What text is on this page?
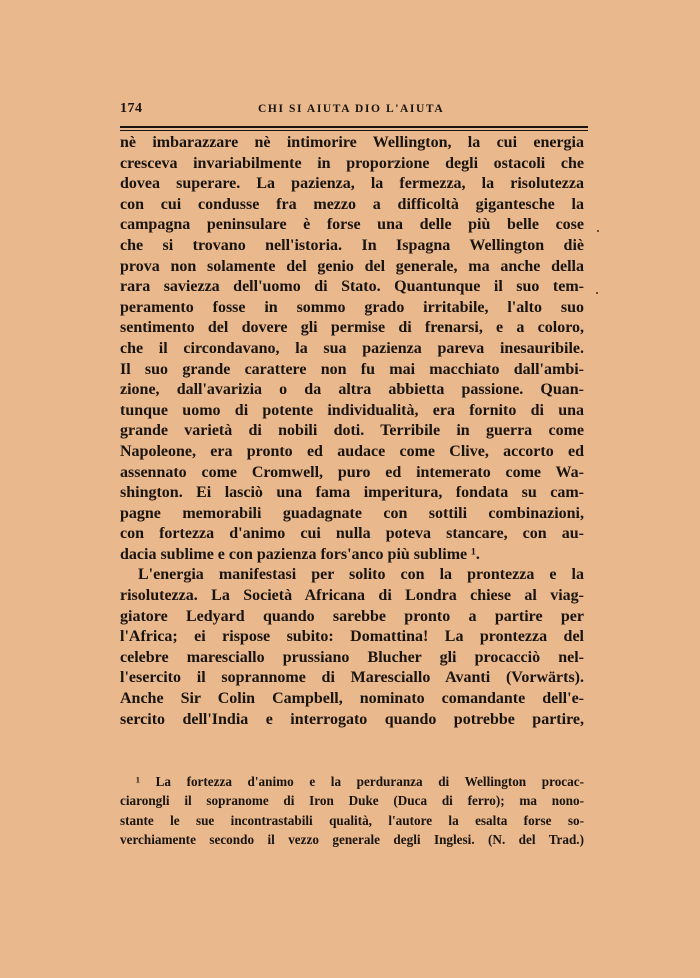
174	CHI SI AIUTA DIO L'AIUTA
nè imbarazzare nè intimorire Wellington, la cui energia
cresceva invariabilmente in proporzione degli ostacoli che
dovea superare. La pazienza, la fermezza, la risolutezza
con cui condusse fra mezzo a difficoltà gigantesche la
campagna peninsulare è forse una delle più belle cose
che si trovano nell'istoria. In Ispagna Wellington diè
prova non solamente del genio del generale, ma anche della
rara saviezza dell'uomo di Stato. Quantunque il suo tem-
peramento fosse in sommo grado irritabile, l'alto suo
sentimento del dovere gli permise di frenarsi, e a coloro,
che il circondavano, la sua pazienza pareva inesauribile.
Il suo grande carattere non fu mai macchiato dall'ambi-
zione, dall'avarizia o da altra abbietta passione. Quan-
tunque uomo di potente individualità, era fornito di una
grande varietà di nobili doti. Terribile in guerra come
Napoleone, era pronto ed audace come Clive, accorto ed
assennato come Cromwell, puro ed intemerato come Wa-
shington. Ei lasciò una fama imperitura, fondata su cam-
pagne memorabili guadagnate con sottili combinazioni,
con fortezza d'animo cui nulla poteva stancare, con au-
dacia sublime e con pazienza fors'anco più sublime ¹.
L'energia manifestasi per solito con la prontezza e la
risolutezza. La Società Africana di Londra chiese al viag-
giatore Ledyard quando sarebbe pronto a partire per
l'Africa; ei rispose subito: Domattina! La prontezza del
celebre maresciallo prussiano Blucher gli procacciò nel-
l'esercito il soprannome di Maresciallo Avanti (Vorwärts).
Anche Sir Colin Campbell, nominato comandante dell'e-
sercito dell'India e interrogato quando potrebbe partire,
¹ La fortezza d'animo e la perduranza di Wellington procac-
ciarongli il sopranome di Iron Duke (Duca di ferro); ma nono-
stante le sue incontrastabili qualità, l'autore la esalta forse so-
verchiamente secondo il vezzo generale degli Inglesi. (N. del Trad.)
